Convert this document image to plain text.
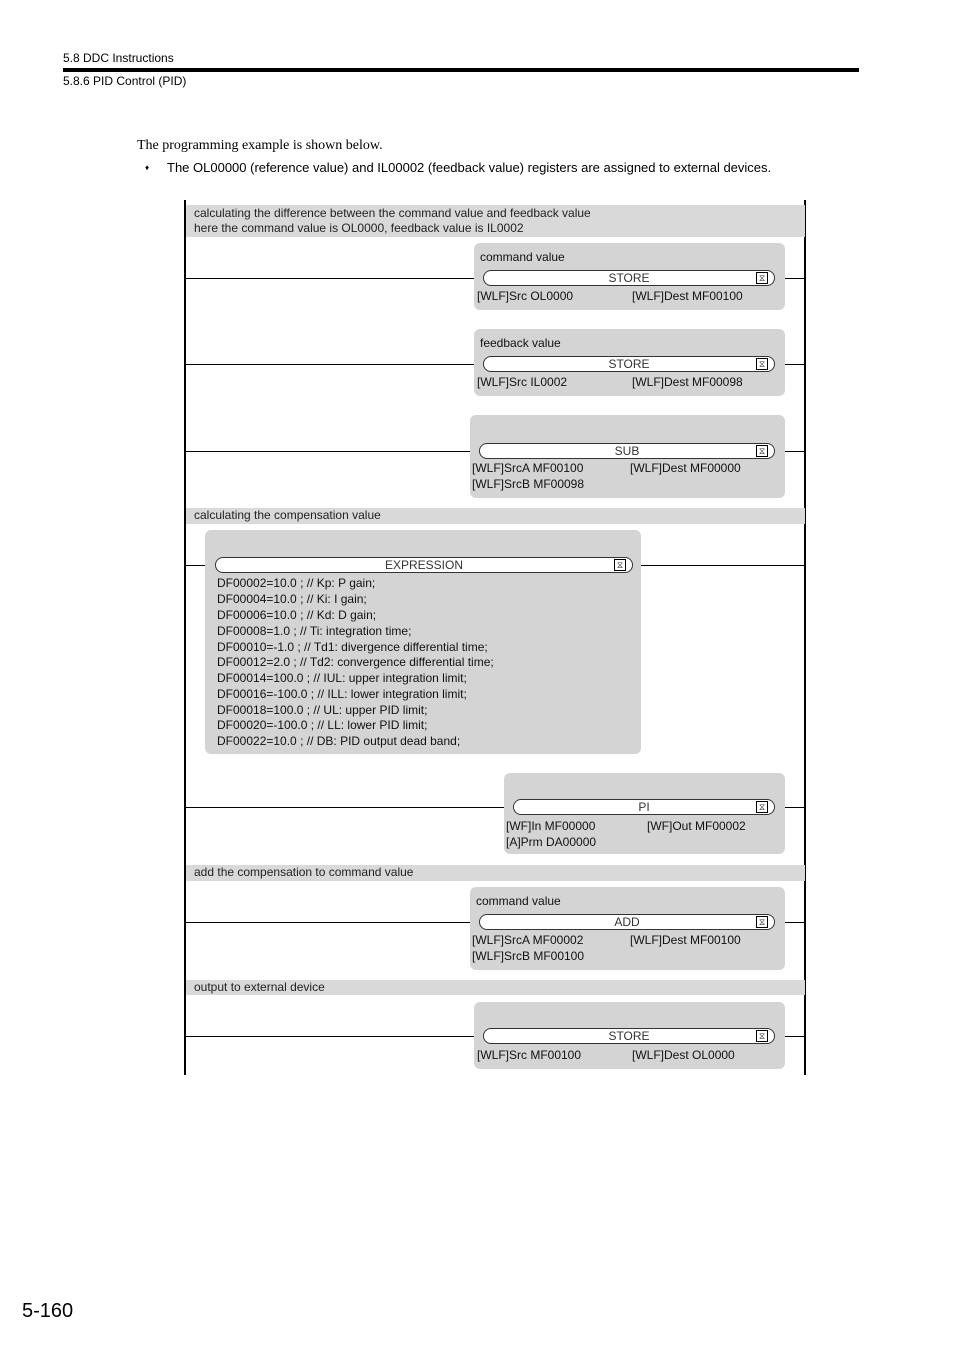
5.8 DDC Instructions
5.8.6 PID Control (PID)
The programming example is shown below.
♦ The OL00000 (reference value) and IL00002 (feedback value) registers are assigned to external devices.
calculating the difference between the command value and feedback value
here the command value is OL0000, feedback value is IL0002
command value
STORE	⧖
[WLF]Src OL0000	[WLF]Dest MF00100
feedback value
STORE	⧖
[WLF]Src IL0002	[WLF]Dest MF00098
SUB	⧖
[WLF]SrcA MF00100	[WLF]Dest MF00000
[WLF]SrcB MF00098
calculating the compensation value
EXPRESSION	⧖
DF00002=10.0 ; // Kp: P gain;
DF00004=10.0 ; // Ki: I gain;
DF00006=10.0 ; // Kd: D gain;
DF00008=1.0 ; // Ti: integration time;
DF00010=-1.0 ; // Td1: divergence differential time;
DF00012=2.0 ; // Td2: convergence differential time;
DF00014=100.0 ; // IUL: upper integration limit;
DF00016=-100.0 ; // ILL: lower integration limit;
DF00018=100.0 ; // UL: upper PID limit;
DF00020=-100.0 ; // LL: lower PID limit;
DF00022=10.0 ; // DB: PID output dead band;
PI	⧖
[WF]In MF00000	[WF]Out MF00002
[A]Prm DA00000
add the compensation to command value
command value
ADD	⧖
[WLF]SrcA MF00002	[WLF]Dest MF00100
[WLF]SrcB MF00100
output to external device
STORE	⧖
[WLF]Src MF00100	[WLF]Dest OL0000
5-160
